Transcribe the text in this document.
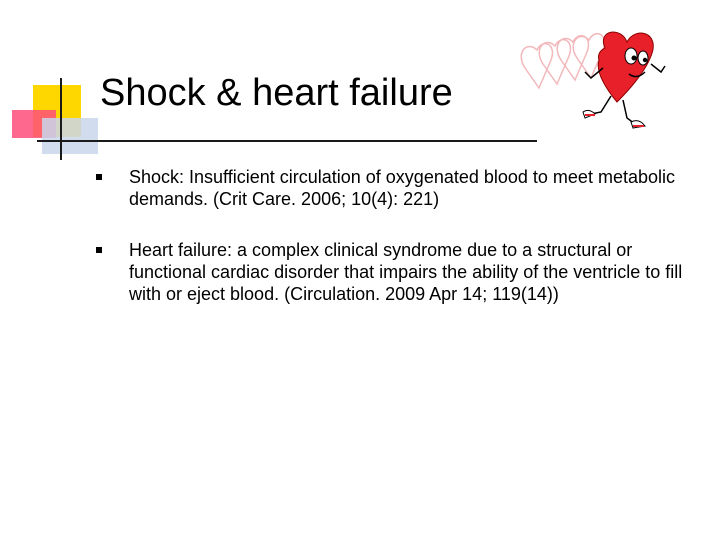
Shock & heart failure
Shock: Insufficient circulation of oxygenated blood to meet metabolic demands. (Crit Care. 2006; 10(4): 221)
Heart failure: a complex clinical syndrome due to a structural or functional cardiac disorder that impairs the ability of the ventricle to fill with or eject blood. (Circulation. 2009 Apr 14; 119(14))
